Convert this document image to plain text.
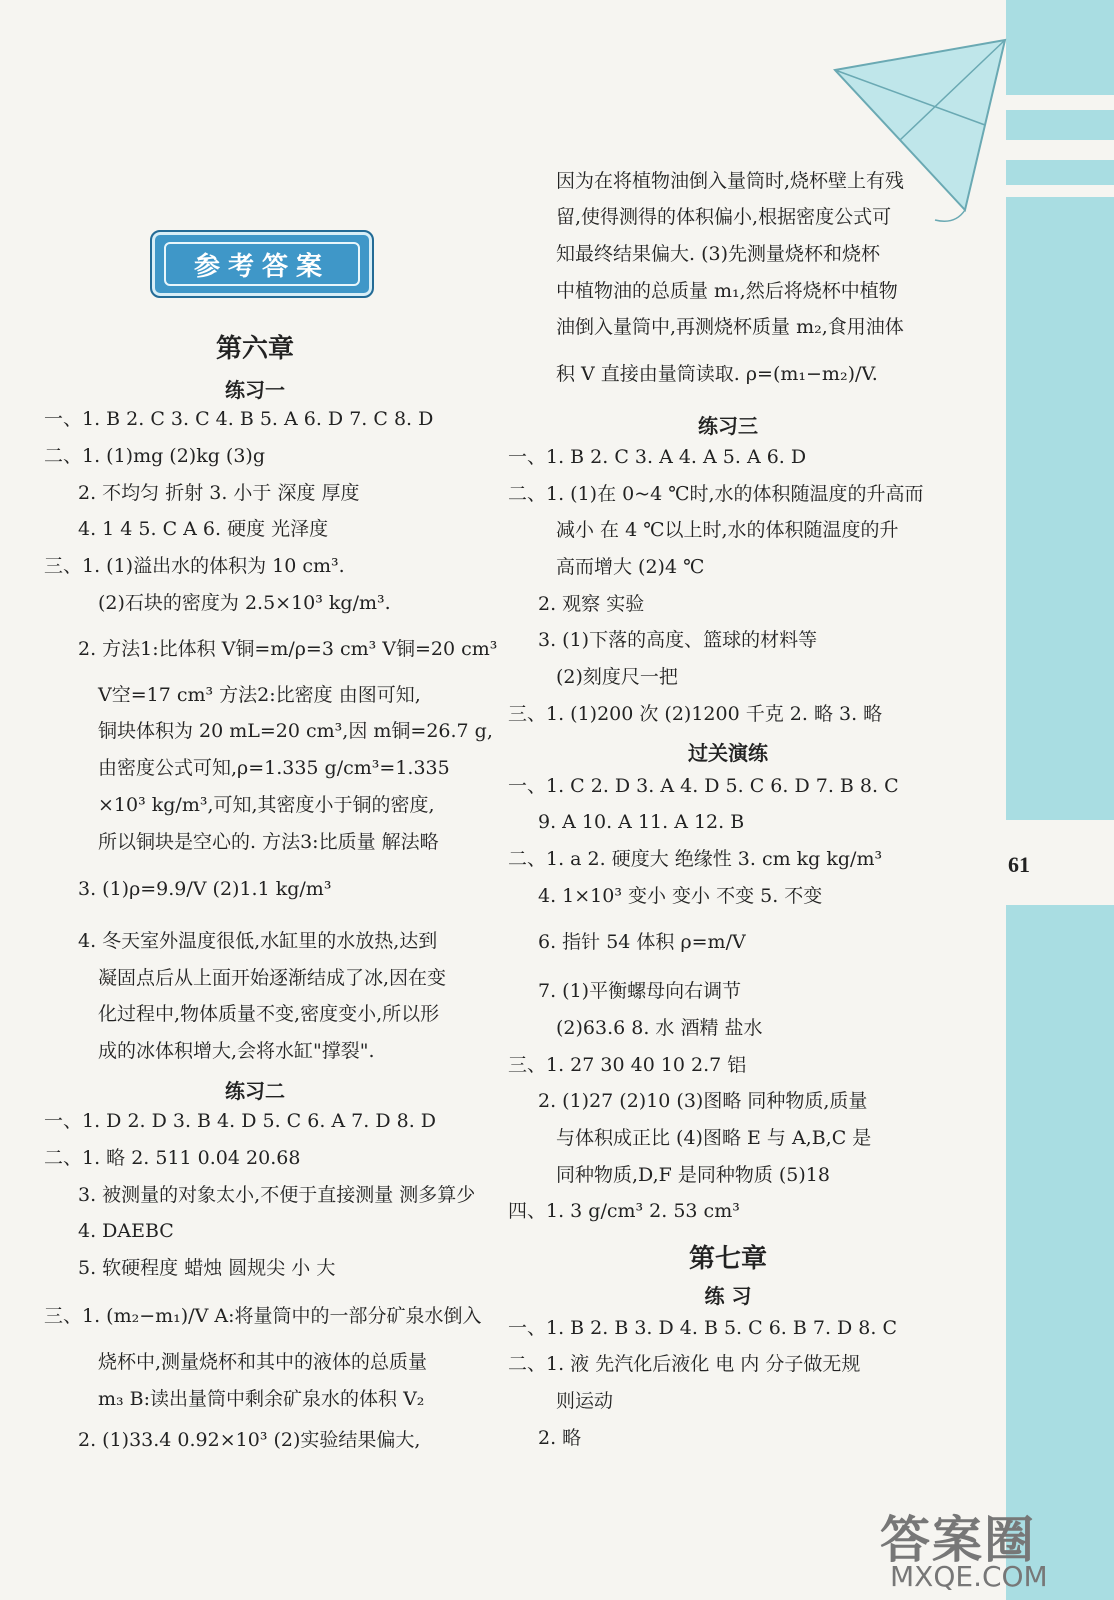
61
参考答案
第六章
练习一
一、1. B 2. C 3. C 4. B 5. A 6. D 7. C 8. D
二、1. (1)mg (2)kg (3)g
2. 不均匀 折射 3. 小于 深度 厚度
4. 1 4 5. C A 6. 硬度 光泽度
三、1. (1)溢出水的体积为 10 cm³.
(2)石块的密度为 2.5×10³ kg/m³.
2. 方法1:比体积 V铜=m/ρ=3 cm³ V铜=20 cm³
V空=17 cm³ 方法2:比密度 由图可知,
铜块体积为 20 mL=20 cm³,因 m铜=26.7 g,
由密度公式可知,ρ=1.335 g/cm³=1.335
×10³ kg/m³,可知,其密度小于铜的密度,
所以铜块是空心的. 方法3:比质量 解法略
3. (1)ρ=9.9/V (2)1.1 kg/m³
4. 冬天室外温度很低,水缸里的水放热,达到
凝固点后从上面开始逐渐结成了冰,因在变
化过程中,物体质量不变,密度变小,所以形
成的冰体积增大,会将水缸"撑裂".
练习二
一、1. D 2. D 3. B 4. D 5. C 6. A 7. D 8. D
二、1. 略 2. 511 0.04 20.68
3. 被测量的对象太小,不便于直接测量 测多算少
4. DAEBC
5. 软硬程度 蜡烛 圆规尖 小 大
三、1. (m₂−m₁)/V A:将量筒中的一部分矿泉水倒入
烧杯中,测量烧杯和其中的液体的总质量
m₃ B:读出量筒中剩余矿泉水的体积 V₂
2. (1)33.4 0.92×10³ (2)实验结果偏大,
因为在将植物油倒入量筒时,烧杯壁上有残
留,使得测得的体积偏小,根据密度公式可
知最终结果偏大. (3)先测量烧杯和烧杯
中植物油的总质量 m₁,然后将烧杯中植物
油倒入量筒中,再测烧杯质量 m₂,食用油体
积 V 直接由量筒读取. ρ=(m₁−m₂)/V.
练习三
一、1. B 2. C 3. A 4. A 5. A 6. D
二、1. (1)在 0~4 ℃时,水的体积随温度的升高而
减小 在 4 ℃以上时,水的体积随温度的升
高而增大 (2)4 ℃
2. 观察 实验
3. (1)下落的高度、篮球的材料等
(2)刻度尺一把
三、1. (1)200 次 (2)1200 千克 2. 略 3. 略
过关演练
一、1. C 2. D 3. A 4. D 5. C 6. D 7. B 8. C
9. A 10. A 11. A 12. B
二、1. a 2. 硬度大 绝缘性 3. cm kg kg/m³
4. 1×10³ 变小 变小 不变 5. 不变
6. 指针 54 体积 ρ=m/V
7. (1)平衡螺母向右调节
(2)63.6 8. 水 酒精 盐水
三、1. 27 30 40 10 2.7 铝
2. (1)27 (2)10 (3)图略 同种物质,质量
与体积成正比 (4)图略 E 与 A,B,C 是
同种物质,D,F 是同种物质 (5)18
四、1. 3 g/cm³ 2. 53 cm³
第七章
练 习
一、1. B 2. B 3. D 4. B 5. C 6. B 7. D 8. C
二、1. 液 先汽化后液化 电 内 分子做无规
则运动
2. 略
答案圈
MXQE.COM
